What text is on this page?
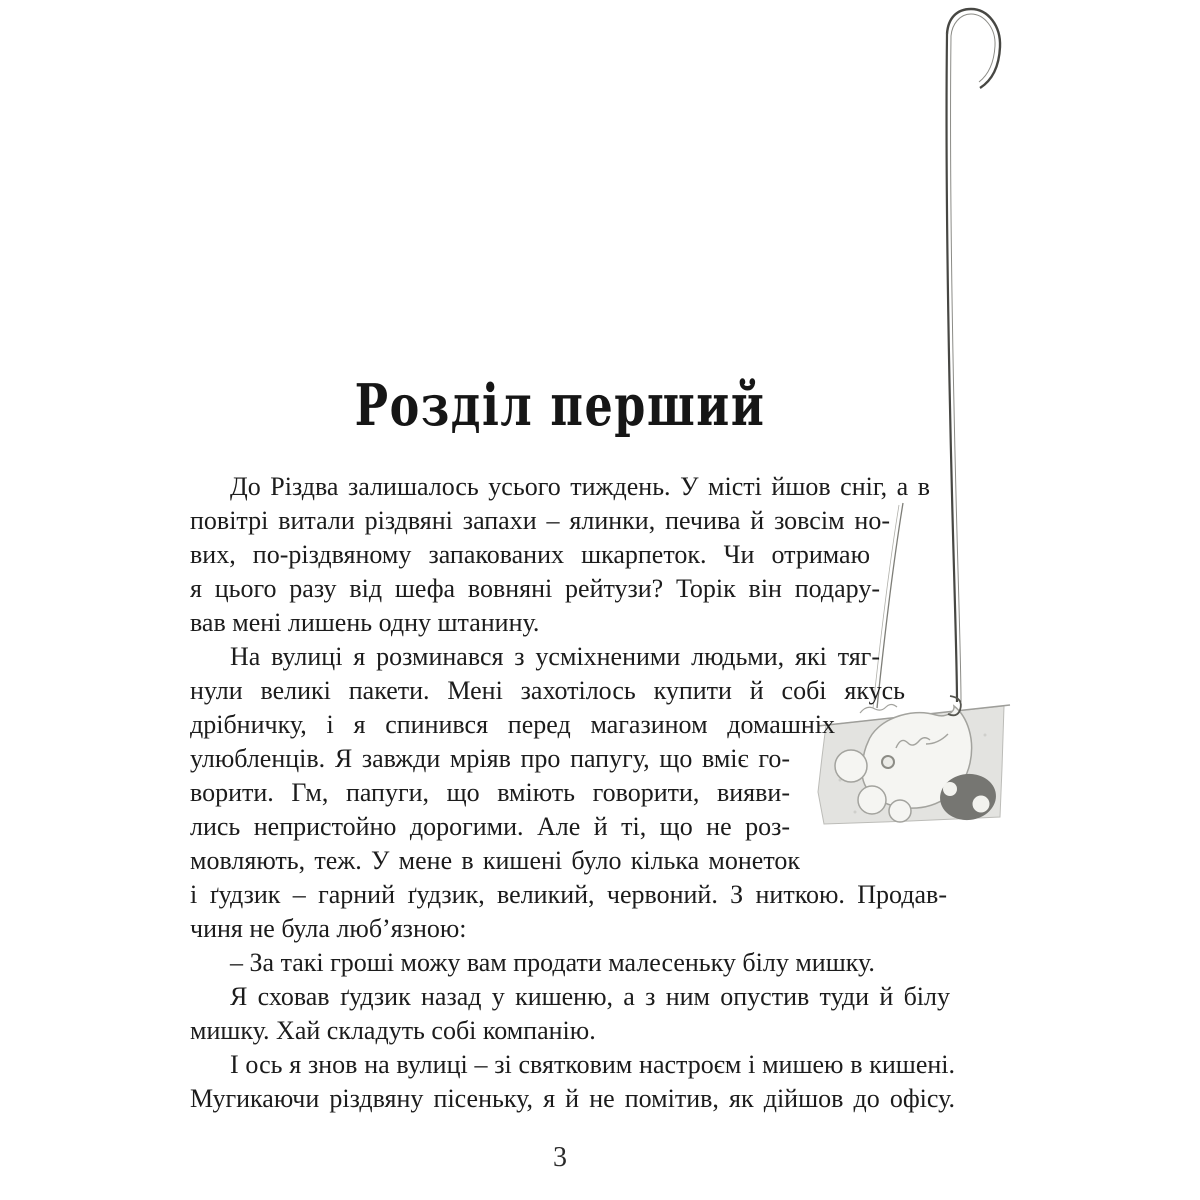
Розділ перший
До Різдва залишалось усього тиждень. У місті йшов сніг, а в
повітрі витали різдвяні запахи – ялинки, печива й зовсім но-
вих, по-різдвяному запакованих шкарпеток. Чи отримаю
я цього разу від шефа вовняні рейтузи? Торік він подару-
вав мені лишень одну штанину.
На вулиці я розминався з усміхненими людьми, які тяг-
нули великі пакети. Мені захотілось купити й собі якусь
дрібничку, і я спинився перед магазином домашніх
улюбленців. Я завжди мріяв про папугу, що вміє го-
ворити. Гм, папуги, що вміють говорити, вияви-
лись непристойно дорогими. Але й ті, що не роз-
мовляють, теж. У мене в кишені було кілька монеток
і ґудзик – гарний ґудзик, великий, червоний. З ниткою. Продав-
чиня не була люб’язною:
– За такі гроші можу вам продати малесеньку білу мишку.
Я сховав ґудзик назад у кишеню, а з ним опустив туди й білу
мишку. Хай складуть собі компанію.
І ось я знов на вулиці – зі святковим настроєм і мишею в кишені.
Мугикаючи різдвяну пісеньку, я й не помітив, як дійшов до офісу.
3
